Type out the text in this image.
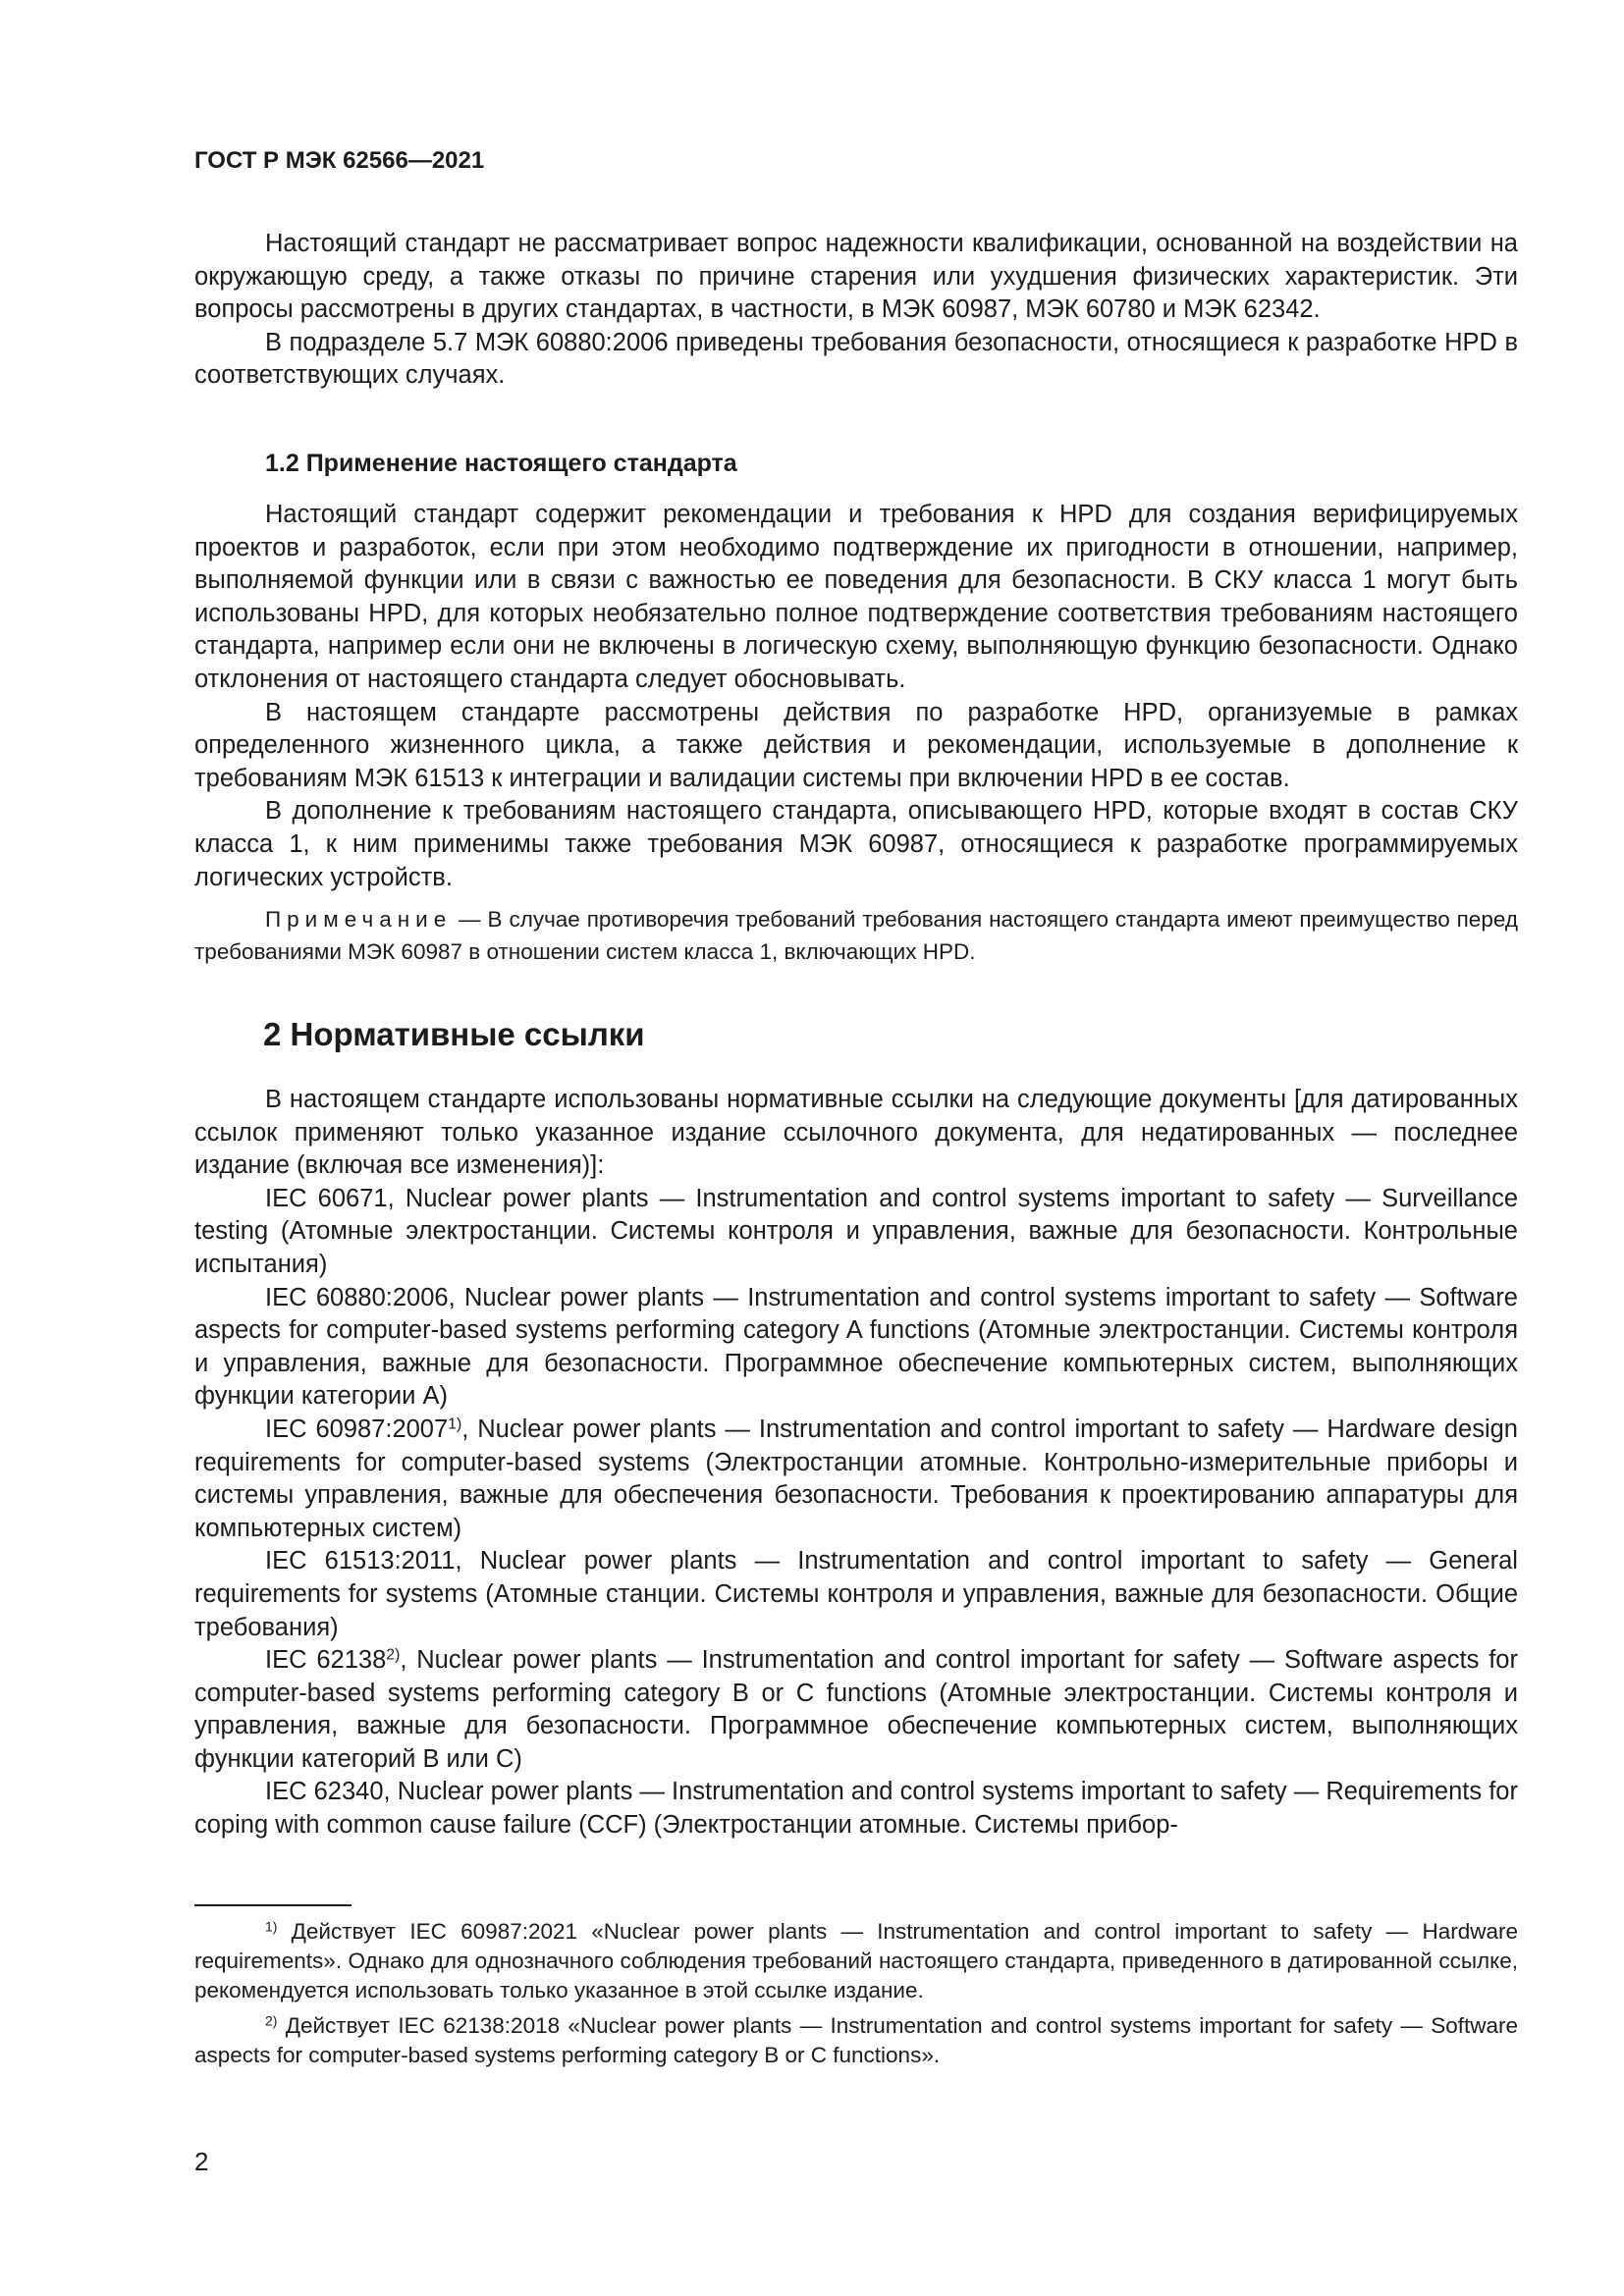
ГОСТ Р МЭК 62566—2021

Настоящий стандарт не рассматривает вопрос надежности квалификации, основанной на воздействии на окружающую среду, а также отказы по причине старения или ухудшения физических характеристик. Эти вопросы рассмотрены в других стандартах, в частности, в МЭК 60987, МЭК 60780 и МЭК 62342.

В подразделе 5.7 МЭК 60880:2006 приведены требования безопасности, относящиеся к разработке HPD в соответствующих случаях.

1.2 Применение настоящего стандарта

Настоящий стандарт содержит рекомендации и требования к HPD для создания верифицируемых проектов и разработок, если при этом необходимо подтверждение их пригодности в отношении, например, выполняемой функции или в связи с важностью ее поведения для безопасности. В СКУ класса 1 могут быть использованы HPD, для которых необязательно полное подтверждение соответствия требованиям настоящего стандарта, например если они не включены в логическую схему, выполняющую функцию безопасности. Однако отклонения от настоящего стандарта следует обосновывать.

В настоящем стандарте рассмотрены действия по разработке HPD, организуемые в рамках определенного жизненного цикла, а также действия и рекомендации, используемые в дополнение к требованиям МЭК 61513 к интеграции и валидации системы при включении HPD в ее состав.

В дополнение к требованиям настоящего стандарта, описывающего HPD, которые входят в состав СКУ класса 1, к ним применимы также требования МЭК 60987, относящиеся к разработке программируемых логических устройств.

Примечание — В случае противоречия требований требования настоящего стандарта имеют преимущество перед требованиями МЭК 60987 в отношении систем класса 1, включающих HPD.
2 Нормативные ссылки

В настоящем стандарте использованы нормативные ссылки на следующие документы [для датированных ссылок применяют только указанное издание ссылочного документа, для недатированных — последнее издание (включая все изменения)]:

IEC 60671, Nuclear power plants — Instrumentation and control systems important to safety — Surveillance testing (Атомные электростанции. Системы контроля и управления, важные для безопасности. Контрольные испытания)

IEC 60880:2006, Nuclear power plants — Instrumentation and control systems important to safety — Software aspects for computer-based systems performing category A functions (Атомные электростанции. Системы контроля и управления, важные для безопасности. Программное обеспечение компьютерных систем, выполняющих функции категории А)

IEC 60987:2007$^{1)}$, Nuclear power plants — Instrumentation and control important to safety — Hardware design requirements for computer-based systems (Электростанции атомные. Контрольно-измерительные приборы и системы управления, важные для обеспечения безопасности. Требования к проектированию аппаратуры для компьютерных систем)

IEC 61513:2011, Nuclear power plants — Instrumentation and control important to safety — General requirements for systems (Атомные станции. Системы контроля и управления, важные для безопасности. Общие требования)

IEC 62138$^{2)}$, Nuclear power plants — Instrumentation and control important for safety — Software aspects for computer-based systems performing category B or C functions (Атомные электростанции. Системы контроля и управления, важные для безопасности. Программное обеспечение компьютерных систем, выполняющих функции категорий В или С)

IEC 62340, Nuclear power plants — Instrumentation and control systems important to safety — Requirements for coping with common cause failure (CCF) (Электростанции атомные. Системы прибор-

$^{1)}$ Действует IEC 60987:2021 «Nuclear power plants — Instrumentation and control important to safety — Hardware requirements». Однако для однозначного соблюдения требований настоящего стандарта, приведенного в датированной ссылке, рекомендуется использовать только указанное в этой ссылке издание.
$^{2)}$ Действует IEC 62138:2018 «Nuclear power plants — Instrumentation and control systems important for safety — Software aspects for computer-based systems performing category B or C functions».
2
